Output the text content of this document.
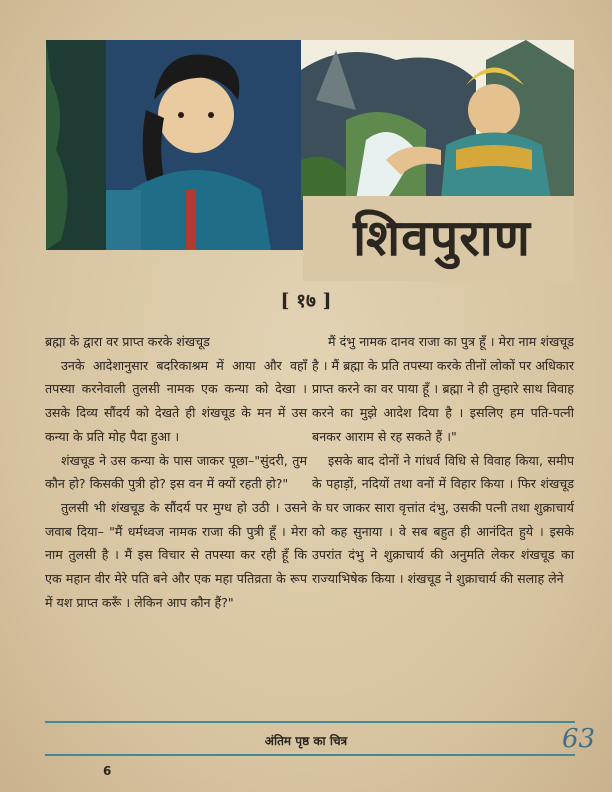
शिवपुराण
[ १७ ]

ब्रह्मा के द्वारा वर प्राप्त करके शंखचूड

उनके आदेशानुसार बदरिकाश्रम में आया और वहाँ तपस्या करनेवाली तुलसी नामक एक कन्या को देखा । उसके दिव्य सौंदर्य को देखते ही शंखचूड के मन में उस कन्या के प्रति मोह पैदा हुआ ।

शंखचूड ने उस कन्या के पास जाकर पूछा–"सुंदरी, तुम कौन हो? किसकी पुत्री हो? इस वन में क्यों रहती हो?"

तुलसी भी शंखचूड के सौंदर्य पर मुग्ध हो उठी । उसने जवाब दिया– "मैं धर्मध्वज नामक राजा की पुत्री हूँ । मेरा नाम तुलसी है । मैं इस विचार से तपस्या कर रही हूँ कि एक महान वीर मेरे पति बने और एक महा पतिव्रता के रूप में यश प्राप्त करूँ । लेकिन आप कौन हैं?"

मैं दंभु नामक दानव राजा का पुत्र हूँ । मेरा नाम शंखचूड है । मैं ब्रह्मा के प्रति तपस्या करके तीनों लोकों पर अधिकार प्राप्त करने का वर पाया हूँ । ब्रह्मा ने ही तुम्हारे साथ विवाह करने का मुझे आदेश दिया है । इसलिए हम पति-पत्नी बनकर आराम से रह सकते हैं ।"

इसके बाद दोनों ने गांधर्व विधि से विवाह किया, समीप के पहाड़ों, नदियों तथा वनों में विहार किया । फिर शंखचूड के घर जाकर सारा वृत्तांत दंभु, उसकी पत्नी तथा शुक्राचार्य को कह सुनाया । वे सब बहुत ही आनंदित हुये । इसके उपरांत दंभु ने शुक्राचार्य की अनुमति लेकर शंखचूड का राज्याभिषेक किया । शंखचूड ने शुक्राचार्य की सलाह लेने

अंतिम पृष्ठ का चित्र
6
63
